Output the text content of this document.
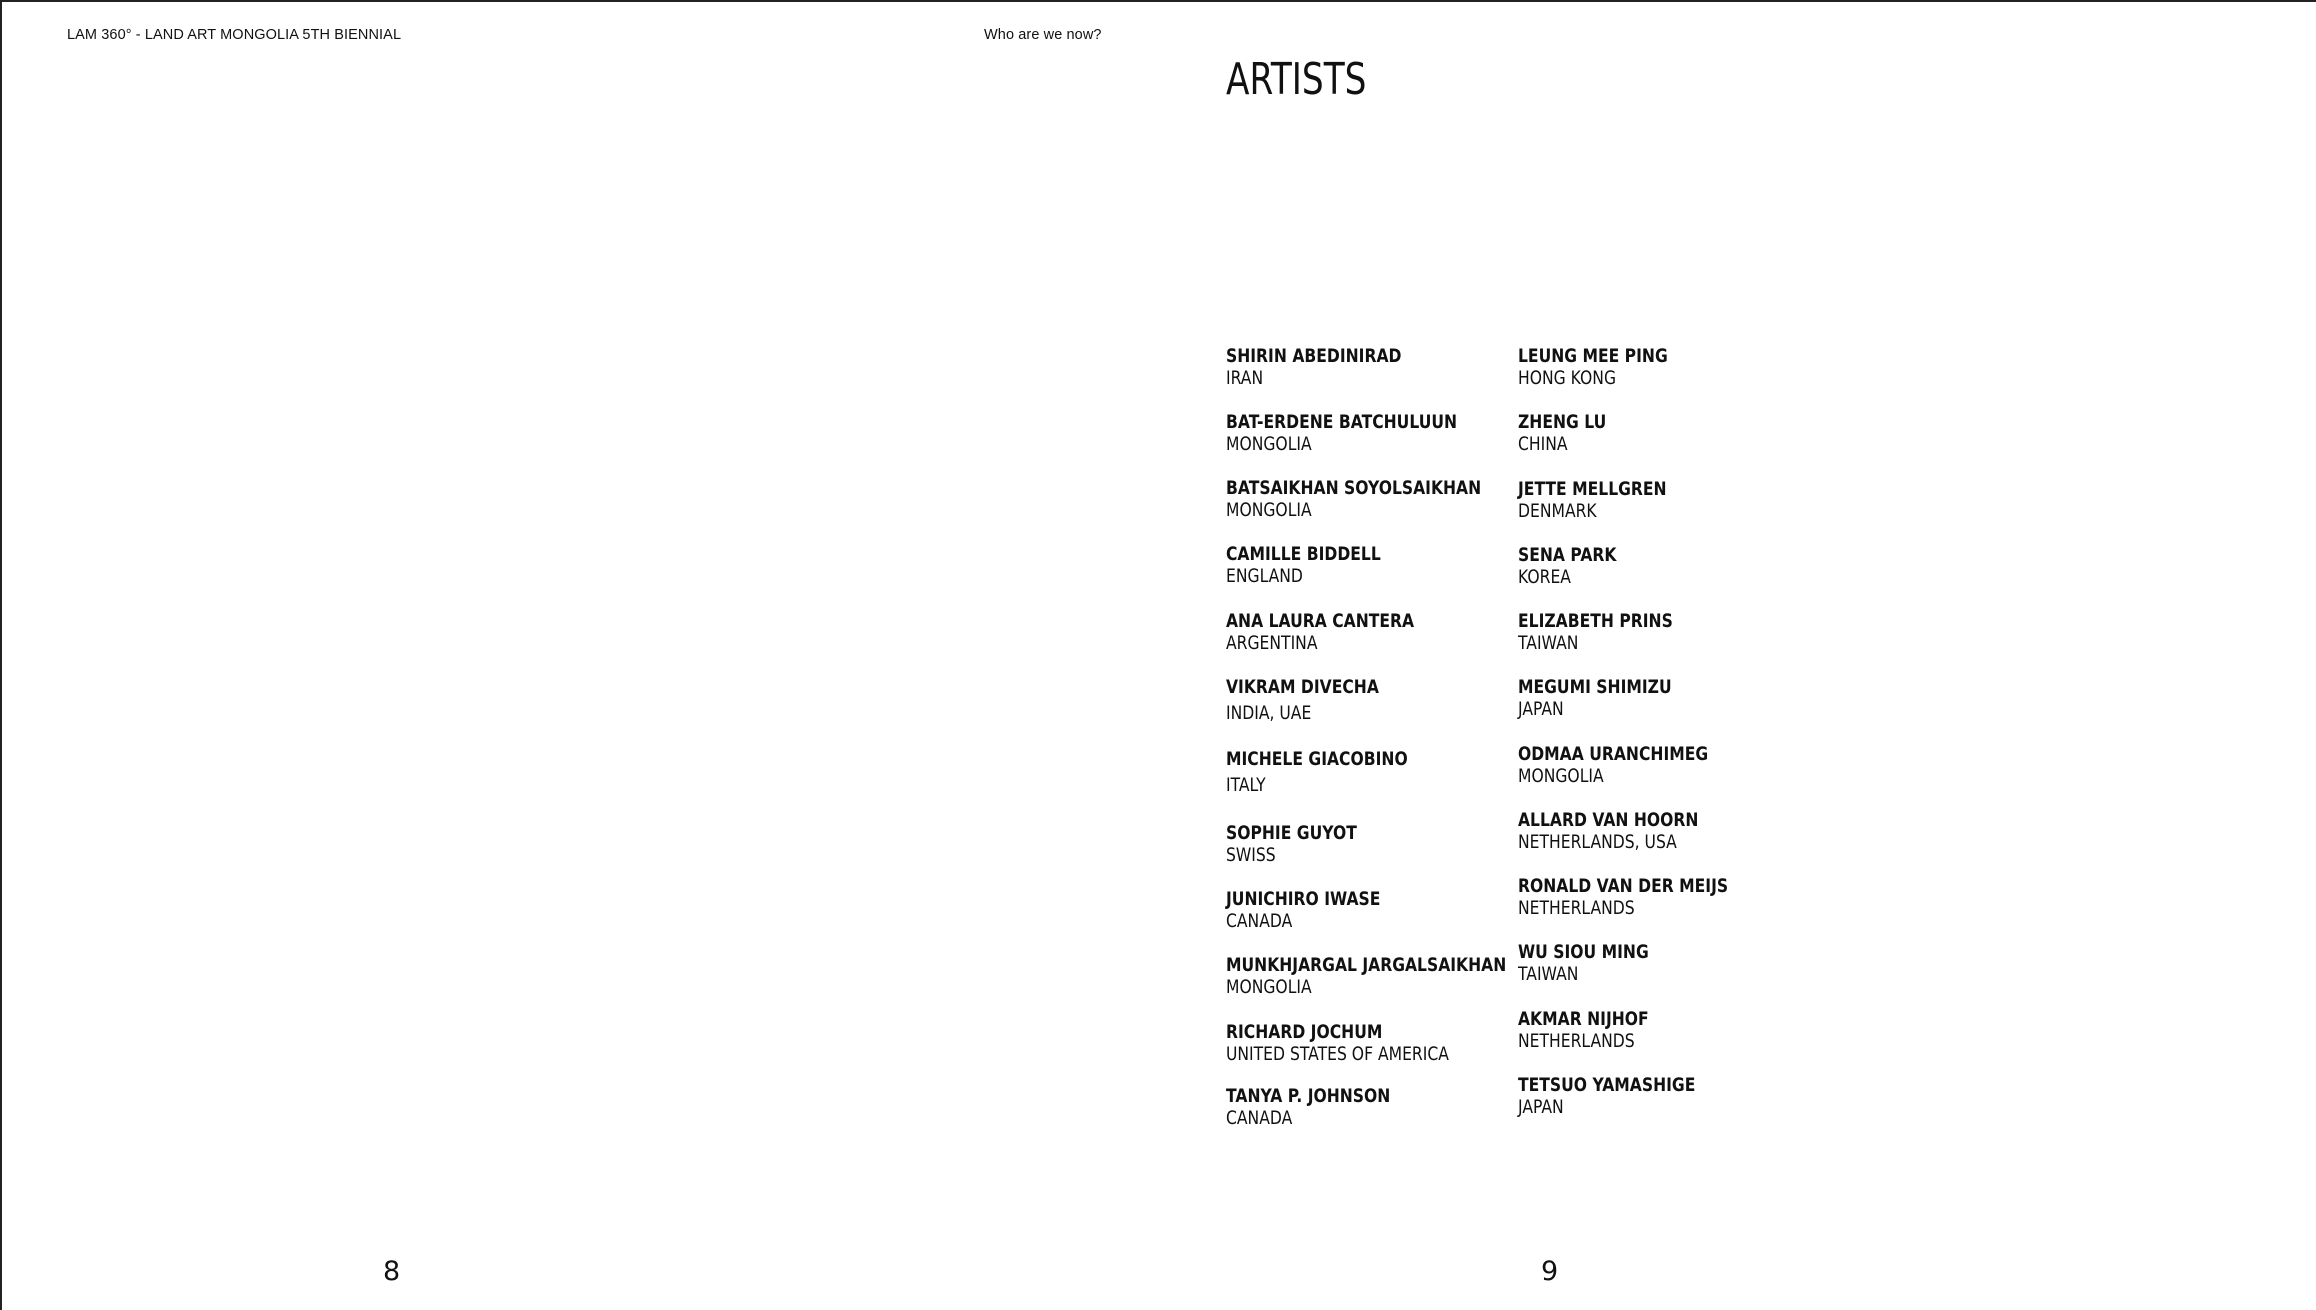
LAM 360° - LAND ART MONGOLIA 5TH BIENNIAL	Who are we now?
ARTISTS
SHIRIN ABEDINIRAD
IRAN
BAT-ERDENE BATCHULUUN
MONGOLIA
BATSAIKHAN SOYOLSAIKHAN
MONGOLIA
CAMILLE BIDDELL
ENGLAND
ANA LAURA CANTERA
ARGENTINA
VIKRAM DIVECHA
INDIA, UAE
MICHELE GIACOBINO
ITALY
SOPHIE GUYOT
SWISS
JUNICHIRO IWASE
CANADA
MUNKHJARGAL JARGALSAIKHAN
MONGOLIA
RICHARD JOCHUM
UNITED STATES OF AMERICA
TANYA P. JOHNSON
CANADA
LEUNG MEE PING
HONG KONG
ZHENG LU
CHINA
JETTE MELLGREN
DENMARK
SENA PARK
KOREA
ELIZABETH PRINS
TAIWAN
MEGUMI SHIMIZU
JAPAN
ODMAA URANCHIMEG
MONGOLIA
ALLARD VAN HOORN
NETHERLANDS, USA
RONALD VAN DER MEIJS
NETHERLANDS
WU SIOU MING
TAIWAN
AKMAR NIJHOF
NETHERLANDS
TETSUO YAMASHIGE
JAPAN
8	9
